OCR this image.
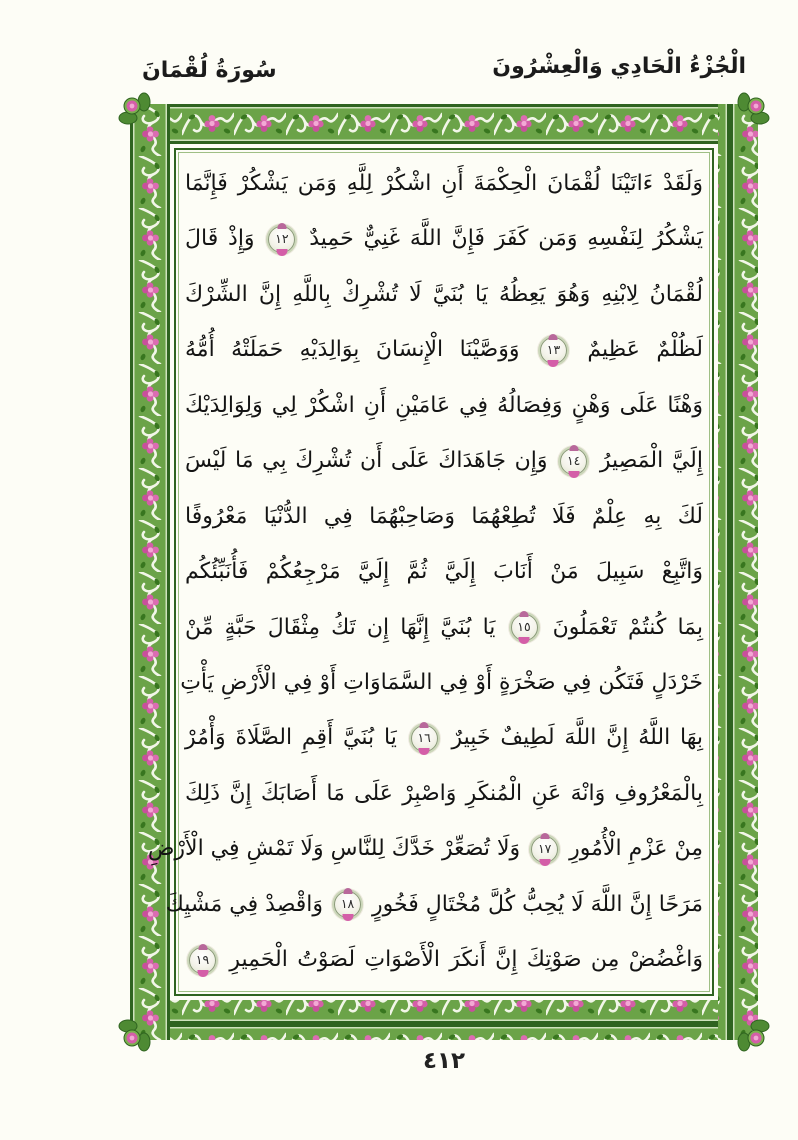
الْجُزْءُ الْحَادِي وَالْعِشْرُونَ
سُورَةُ لُقْمَانَ
وَلَقَدْ ءَاتَيْنَا لُقْمَانَ الْحِكْمَةَ أَنِ اشْكُرْ لِلَّهِ وَمَن يَشْكُرْ فَإِنَّمَا
يَشْكُرُ لِنَفْسِهِ وَمَن كَفَرَ فَإِنَّ اللَّهَ غَنِيٌّ حَمِيدٌ
١٢
وَإِذْ قَالَ
لُقْمَانُ لِابْنِهِ وَهُوَ يَعِظُهُ يَا بُنَيَّ لَا تُشْرِكْ بِاللَّهِ إِنَّ الشِّرْكَ
لَظُلْمٌ عَظِيمٌ
١٣
وَوَصَّيْنَا الْإِنسَانَ بِوَالِدَيْهِ حَمَلَتْهُ أُمُّهُ
وَهْنًا عَلَى وَهْنٍ وَفِصَالُهُ فِي عَامَيْنِ أَنِ اشْكُرْ لِي وَلِوَالِدَيْكَ
إِلَيَّ الْمَصِيرُ
١٤
وَإِن جَاهَدَاكَ عَلَى أَن تُشْرِكَ بِي مَا لَيْسَ
لَكَ بِهِ عِلْمٌ فَلَا تُطِعْهُمَا وَصَاحِبْهُمَا فِي الدُّنْيَا مَعْرُوفًا
وَاتَّبِعْ سَبِيلَ مَنْ أَنَابَ إِلَيَّ ثُمَّ إِلَيَّ مَرْجِعُكُمْ فَأُنَبِّئُكُم
بِمَا كُنتُمْ تَعْمَلُونَ
١٥
يَا بُنَيَّ إِنَّهَا إِن تَكُ مِثْقَالَ حَبَّةٍ مِّنْ
خَرْدَلٍ فَتَكُن فِي صَخْرَةٍ أَوْ فِي السَّمَاوَاتِ أَوْ فِي الْأَرْضِ يَأْتِ
بِهَا اللَّهُ إِنَّ اللَّهَ لَطِيفٌ خَبِيرٌ
١٦
يَا بُنَيَّ أَقِمِ الصَّلَاةَ وَأْمُرْ
بِالْمَعْرُوفِ وَانْهَ عَنِ الْمُنكَرِ وَاصْبِرْ عَلَى مَا أَصَابَكَ إِنَّ ذَلِكَ
مِنْ عَزْمِ الْأُمُورِ
١٧
وَلَا تُصَعِّرْ خَدَّكَ لِلنَّاسِ وَلَا تَمْشِ فِي الْأَرْضِ
مَرَحًا إِنَّ اللَّهَ لَا يُحِبُّ كُلَّ مُخْتَالٍ فَخُورٍ
١٨
وَاقْصِدْ فِي مَشْيِكَ
وَاغْضُضْ مِن صَوْتِكَ إِنَّ أَنكَرَ الْأَصْوَاتِ لَصَوْتُ الْحَمِيرِ
١٩
٤١٢
